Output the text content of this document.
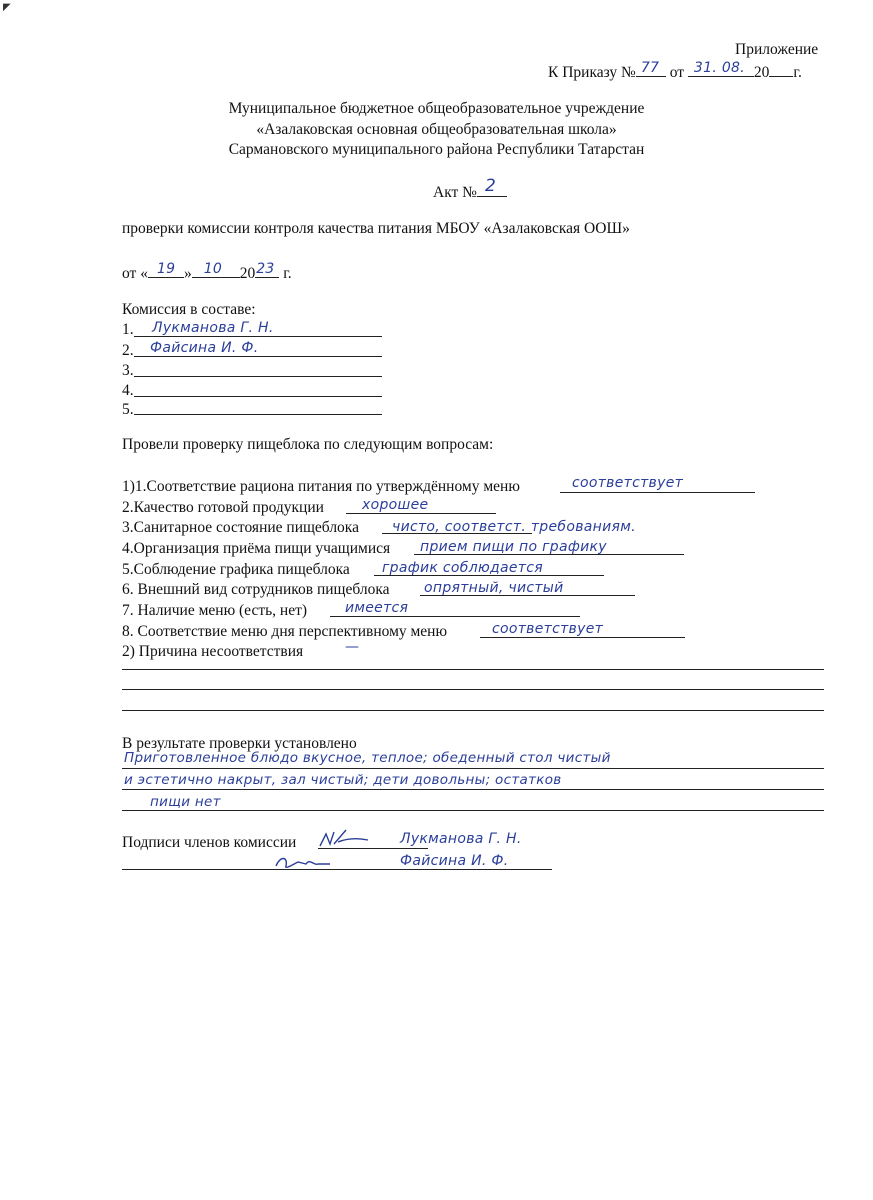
◤
Приложение
К Приказу № 77 от 31. 08. 20 г.
Муниципальное бюджетное общеобразовательное учреждение
«Азалаковская основная общеобразовательная школа»
Сармановского муниципального района Республики Татарстан
Акт № 2
проверки комиссии контроля качества питания МБОУ «Азалаковская ООШ»
от « 19 » 10 20 23 г.
Комиссия в составе:
1. Лукманова Г. Н.
2. Файсина И. Ф.
3.
4.
5.
Провели проверку пищеблока по следующим вопросам:
1)1.Соответствие рациона питания по утверждённому меню	соответствует
2.Качество готовой продукции	хорошее
3.Санитарное состояние пищеблока чисто, соответст. требованиям.
4.Организация приёма пищи учащимися прием пищи по графику
5.Соблюдение графика пищеблока график соблюдается
6. Внешний вид сотрудников пищеблока опрятный, чистый
7. Наличие меню (есть, нет)	имеется
8. Соответствие меню дня перспективному меню	соответствует
2) Причина несоответствия	—
В результате проверки установлено
Приготовленное блюдо вкусное, теплое; обеденный стол чистый
и эстетично накрыт, зал чистый; дети довольны; остатков
пищи нет
Подписи членов комиссии	Лукманова Г. Н.
Файсина И. Ф.
